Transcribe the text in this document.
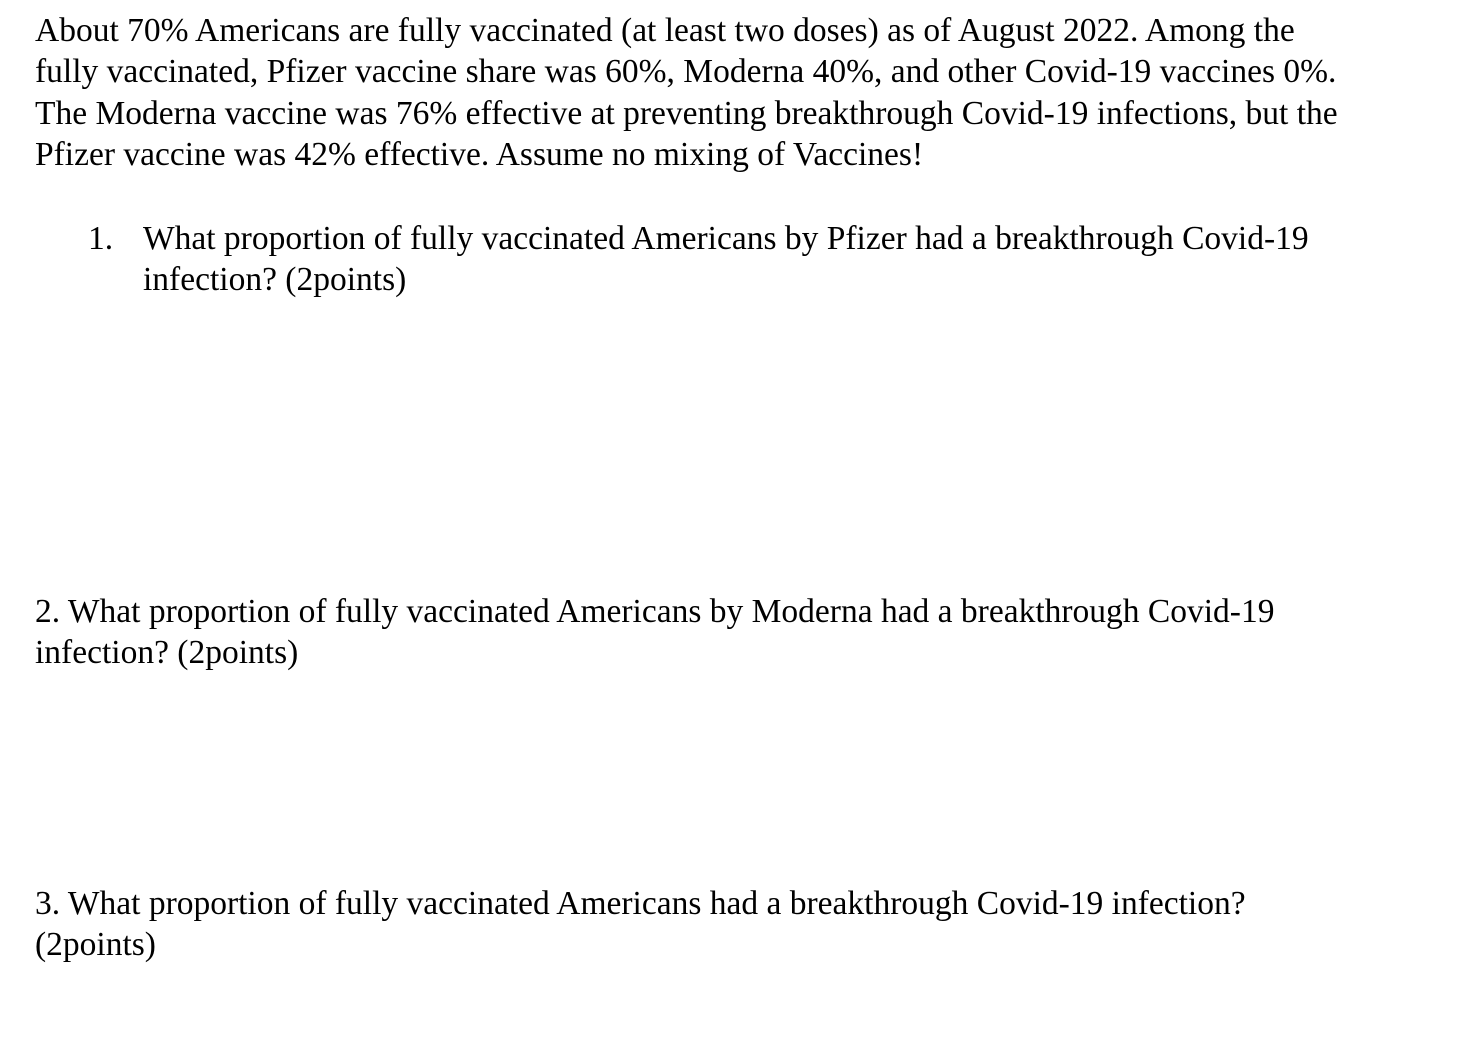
About 70% Americans are fully vaccinated (at least two doses) as of August 2022. Among the
fully vaccinated, Pfizer vaccine share was 60%, Moderna 40%, and other Covid-19 vaccines 0%.
The Moderna vaccine was 76% effective at preventing breakthrough Covid-19 infections, but the
Pfizer vaccine was 42% effective. Assume no mixing of Vaccines!
1. What proportion of fully vaccinated Americans by Pfizer had a breakthrough Covid-19
infection? (2points)
2. What proportion of fully vaccinated Americans by Moderna had a breakthrough Covid-19
infection? (2points)
3. What proportion of fully vaccinated Americans had a breakthrough Covid-19 infection?
(2points)
